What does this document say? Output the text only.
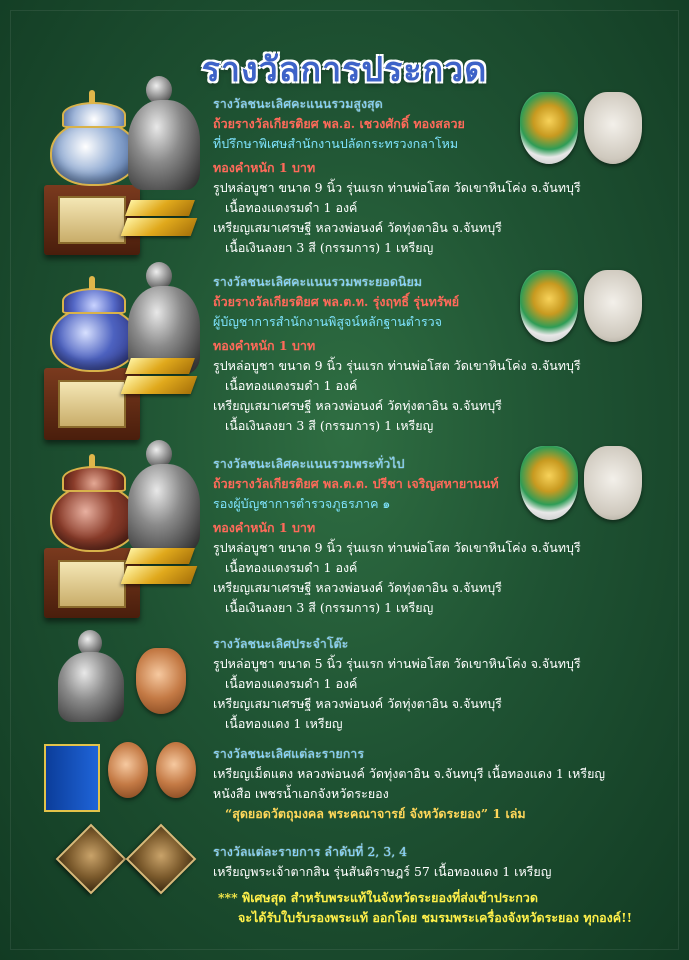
รางวัลการประกวด
รางวัลชนะเลิศคะแนนรวมสูงสุด
ถ้วยรางวัลเกียรติยศ พล.อ. เชวงศักดิ์ ทองสลวย
ที่ปรึกษาพิเศษสำนักงานปลัดกระทรวงกลาโหม
ทองคำหนัก 1 บาท
รูปหล่อบูชา ขนาด 9 นิ้ว รุ่นแรก ท่านพ่อโสต วัดเขาหินโค่ง จ.จันทบุรี
เนื้อทองแดงรมดำ 1 องค์
เหรียญเสมาเศรษฐี หลวงพ่อนงค์ วัดทุ่งตาอิน จ.จันทบุรี
เนื้อเงินลงยา 3 สี (กรรมการ) 1 เหรียญ
รางวัลชนะเลิศคะแนนรวมพระยอดนิยม
ถ้วยรางวัลเกียรติยศ พล.ต.ท. รุ่งฤทธิ์ รุ่นทรัพย์
ผู้บัญชาการสำนักงานพิสูจน์หลักฐานตำรวจ
ทองคำหนัก 1 บาท
รูปหล่อบูชา ขนาด 9 นิ้ว รุ่นแรก ท่านพ่อโสต วัดเขาหินโค่ง จ.จันทบุรี
เนื้อทองแดงรมดำ 1 องค์
เหรียญเสมาเศรษฐี หลวงพ่อนงค์ วัดทุ่งตาอิน จ.จันทบุรี
เนื้อเงินลงยา 3 สี (กรรมการ) 1 เหรียญ
รางวัลชนะเลิศคะแนนรวมพระทั่วไป
ถ้วยรางวัลเกียรติยศ พล.ต.ต. ปรีชา เจริญสหายานนท์
รองผู้บัญชาการตำรวจภูธรภาค ๑
ทองคำหนัก 1 บาท
รูปหล่อบูชา ขนาด 9 นิ้ว รุ่นแรก ท่านพ่อโสต วัดเขาหินโค่ง จ.จันทบุรี
เนื้อทองแดงรมดำ 1 องค์
เหรียญเสมาเศรษฐี หลวงพ่อนงค์ วัดทุ่งตาอิน จ.จันทบุรี
เนื้อเงินลงยา 3 สี (กรรมการ) 1 เหรียญ
รางวัลชนะเลิศประจำโต๊ะ
รูปหล่อบูชา ขนาด 5 นิ้ว รุ่นแรก ท่านพ่อโสต วัดเขาหินโค่ง จ.จันทบุรี
เนื้อทองแดงรมดำ 1 องค์
เหรียญเสมาเศรษฐี หลวงพ่อนงค์ วัดทุ่งตาอิน จ.จันทบุรี
เนื้อทองแดง 1 เหรียญ
รางวัลชนะเลิศแต่ละรายการ
เหรียญเม็ดแตง หลวงพ่อนงค์ วัดทุ่งตาอิน จ.จันทบุรี เนื้อทองแดง 1 เหรียญ
หนังสือ เพชรน้ำเอกจังหวัดระยอง
“สุดยอดวัตถุมงคล พระคณาจารย์ จังหวัดระยอง” 1 เล่ม
รางวัลแต่ละรายการ ลำดับที่ 2, 3, 4
เหรียญพระเจ้าตากสิน รุ่นสันติราษฎร์ 57 เนื้อทองแดง 1 เหรียญ
*** พิเศษสุด สำหรับพระแท้ในจังหวัดระยองที่ส่งเข้าประกวด
จะได้รับใบรับรองพระแท้ ออกโดย ชมรมพระเครื่องจังหวัดระยอง ทุกองค์!!
